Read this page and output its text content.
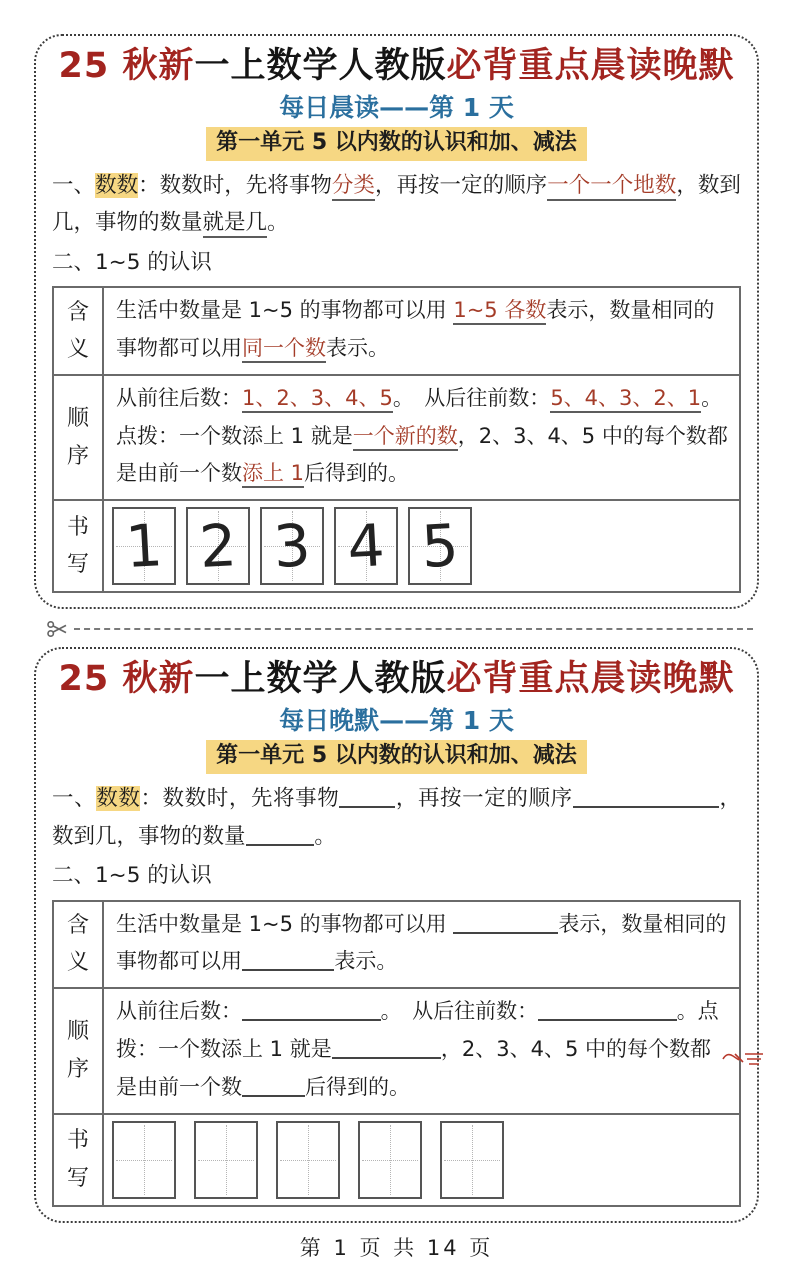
25 秋新一上数学人教版必背重点晨读晚默
每日晨读——第 1 天
第一单元 5 以内数的认识和加、减法

一、数数：数数时，先将事物分类，再按一定的顺序一个一个地数，数到几，事物的数量就是几。

二、1~5 的认识

含义	生活中数量是 1~5 的事物都可以用 1~5 各数表示，数量相同的事物都可以用同一个数表示。
顺序	从前往后数：1、2、3、4、5。　从后往前数：5、4、3、2、1。点拨：一个数添上 1 就是一个新的数，2、3、4、5 中的每个数都是由前一个数添上 1后得到的。
书写	1 2 3 4 5
25 秋新一上数学人教版必背重点晨读晚默
每日晚默——第 1 天
第一单元 5 以内数的认识和加、减法

一、数数：数数时，先将事物	，再按一定的顺序	，数到几，事物的数量	。

二、1~5 的认识

含义	生活中数量是 1~5 的事物都可以用 表示，数量相同的事物都可以用 表示。
顺序	从前往后数： 。　从后往前数： 。点拨：一个数添上 1 就是 ，2、3、4、5 中的每个数都是由前一个数 后得到的。
书写	
第 1 页 共 14 页
